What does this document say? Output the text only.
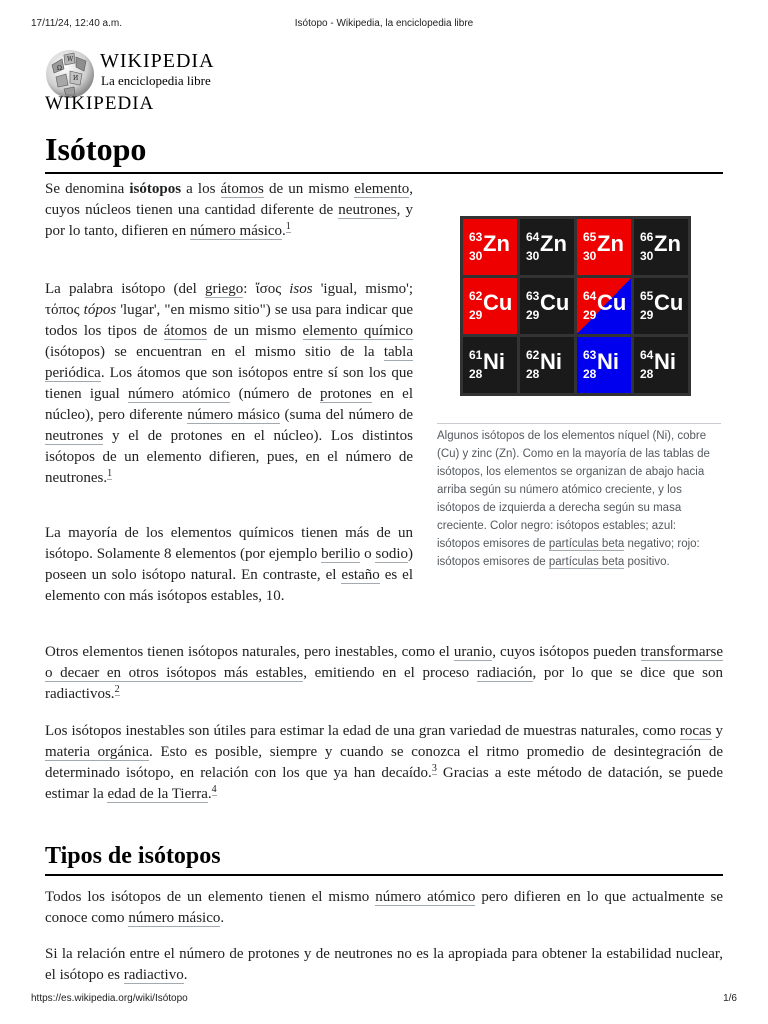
17/11/24, 12:40 a.m.	Isótopo - Wikipedia, la enciclopedia libre
Ω
W
И
WIKIPEDIA
La enciclopedia libre
WIKIPEDIA
Isótopo

Se denomina isótopos a los átomos de un mismo elemento, cuyos núcleos tienen una cantidad diferente de neutrones, y por lo tanto, difieren en número másico.$^1$

La palabra isótopo (del griego: ἴσος isos 'igual, mismo'; τόπος tópos 'lugar', "en mismo sitio") se usa para indicar que todos los tipos de átomos de un mismo elemento químico (isótopos) se encuentran en el mismo sitio de la tabla periódica. Los átomos que son isótopos entre sí son los que tienen igual número atómico (número de protones en el núcleo), pero diferente número másico (suma del número de neutrones y el de protones en el núcleo). Los distintos isótopos de un elemento difieren, pues, en el número de neutrones.$^1$

La mayoría de los elementos químicos tienen más de un isótopo. Solamente 8 elementos (por ejemplo berilio o sodio) poseen un solo isótopo natural. En contraste, el estaño es el elemento con más isótopos estables, 10.

63
30 Zn 64
30 Zn 65
30 Zn 66
30 Zn
62
29 Cu 63
29 Cu 64
29 Cu 65
29 Cu
61
28 Ni 62
28 Ni 63
28 Ni 64
28 Ni

Algunos isótopos de los elementos níquel (Ni), cobre (Cu) y zinc (Zn). Como en la mayoría de las tablas de isótopos, los elementos se organizan de abajo hacia arriba según su número atómico creciente, y los isótopos de izquierda a derecha según su masa creciente. Color negro: isótopos estables; azul: isótopos emisores de partículas beta negativo; rojo: isótopos emisores de partículas beta positivo.

Otros elementos tienen isótopos naturales, pero inestables, como el uranio, cuyos isótopos pueden transformarse o decaer en otros isótopos más estables, emitiendo en el proceso radiación, por lo que se dice que son radiactivos.$^2$

Los isótopos inestables son útiles para estimar la edad de una gran variedad de muestras naturales, como rocas y materia orgánica. Esto es posible, siempre y cuando se conozca el ritmo promedio de desintegración de determinado isótopo, en relación con los que ya han decaído.$^3$ Gracias a este método de datación, se puede estimar la edad de la Tierra.$^4$

Tipos de isótopos

Todos los isótopos de un elemento tienen el mismo número atómico pero difieren en lo que actualmente se conoce como número másico.

Si la relación entre el número de protones y de neutrones no es la apropiada para obtener la estabilidad nuclear, el isótopo es radiactivo.

https://es.wikipedia.org/wiki/Isótopo	1/6
